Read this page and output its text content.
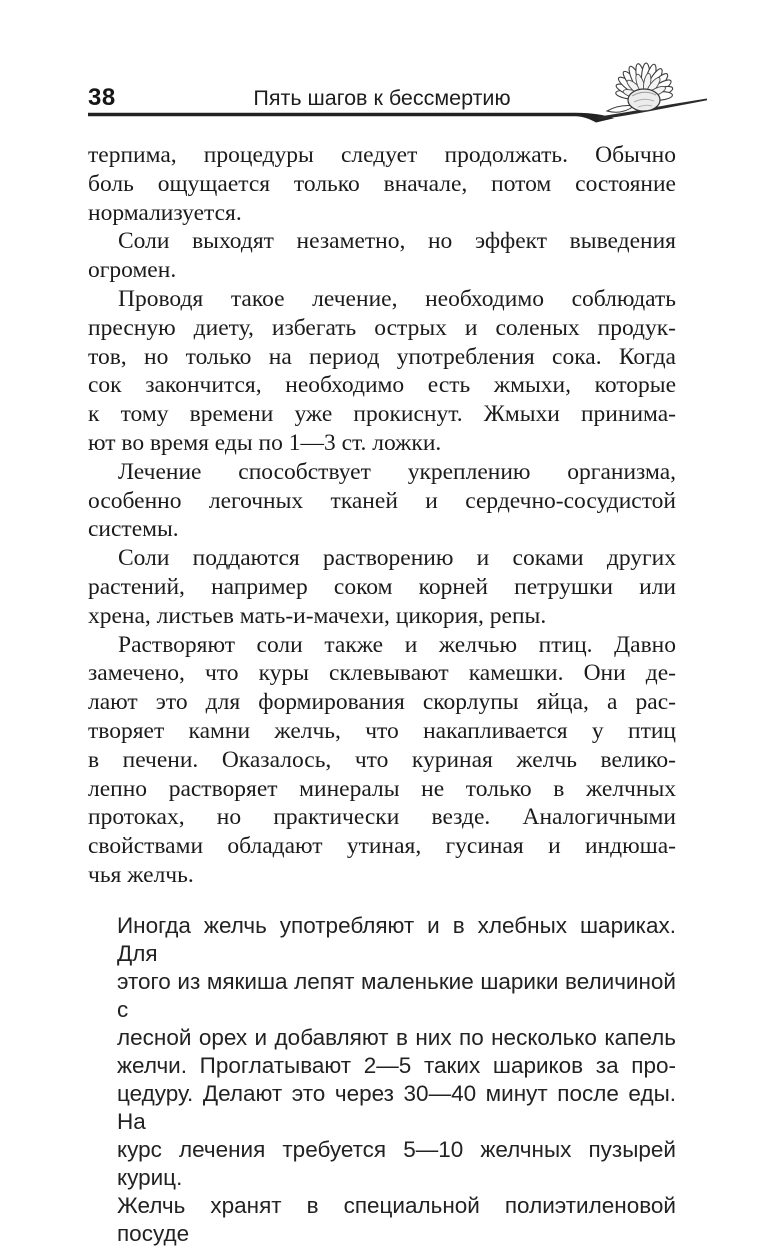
38	Пять шагов к бессмертию
терпима, процедуры следует продолжать. Обычно
боль ощущается только вначале, потом состояние
нормализуется.
Соли выходят незаметно, но эффект выведения
огромен.
Проводя такое лечение, необходимо соблюдать
пресную диету, избегать острых и соленых продук-
тов, но только на период употребления сока. Когда
сок закончится, необходимо есть жмыхи, которые
к тому времени уже прокиснут. Жмыхи принима-
ют во время еды по 1—3 ст. ложки.
Лечение способствует укреплению организма,
особенно легочных тканей и сердечно-сосудистой
системы.
Соли поддаются растворению и соками других
растений, например соком корней петрушки или
хрена, листьев мать-и-мачехи, цикория, репы.
Растворяют соли также и желчью птиц. Давно
замечено, что куры склевывают камешки. Они де-
лают это для формирования скорлупы яйца, а рас-
творяет камни желчь, что накапливается у птиц
в печени. Оказалось, что куриная желчь велико-
лепно растворяет минералы не только в желчных
протоках, но практически везде. Аналогичными
свойствами обладают утиная, гусиная и индюша-
чья желчь.
Иногда желчь употребляют и в хлебных шариках. Для
этого из мякиша лепят маленькие шарики величиной с
лесной орех и добавляют в них по несколько капель
желчи. Проглатывают 2—5 таких шариков за про-
цедуру. Делают это через 30—40 минут после еды. На
курс лечения требуется 5—10 желчных пузырей куриц.
Желчь хранят в специальной полиэтиленовой посуде
